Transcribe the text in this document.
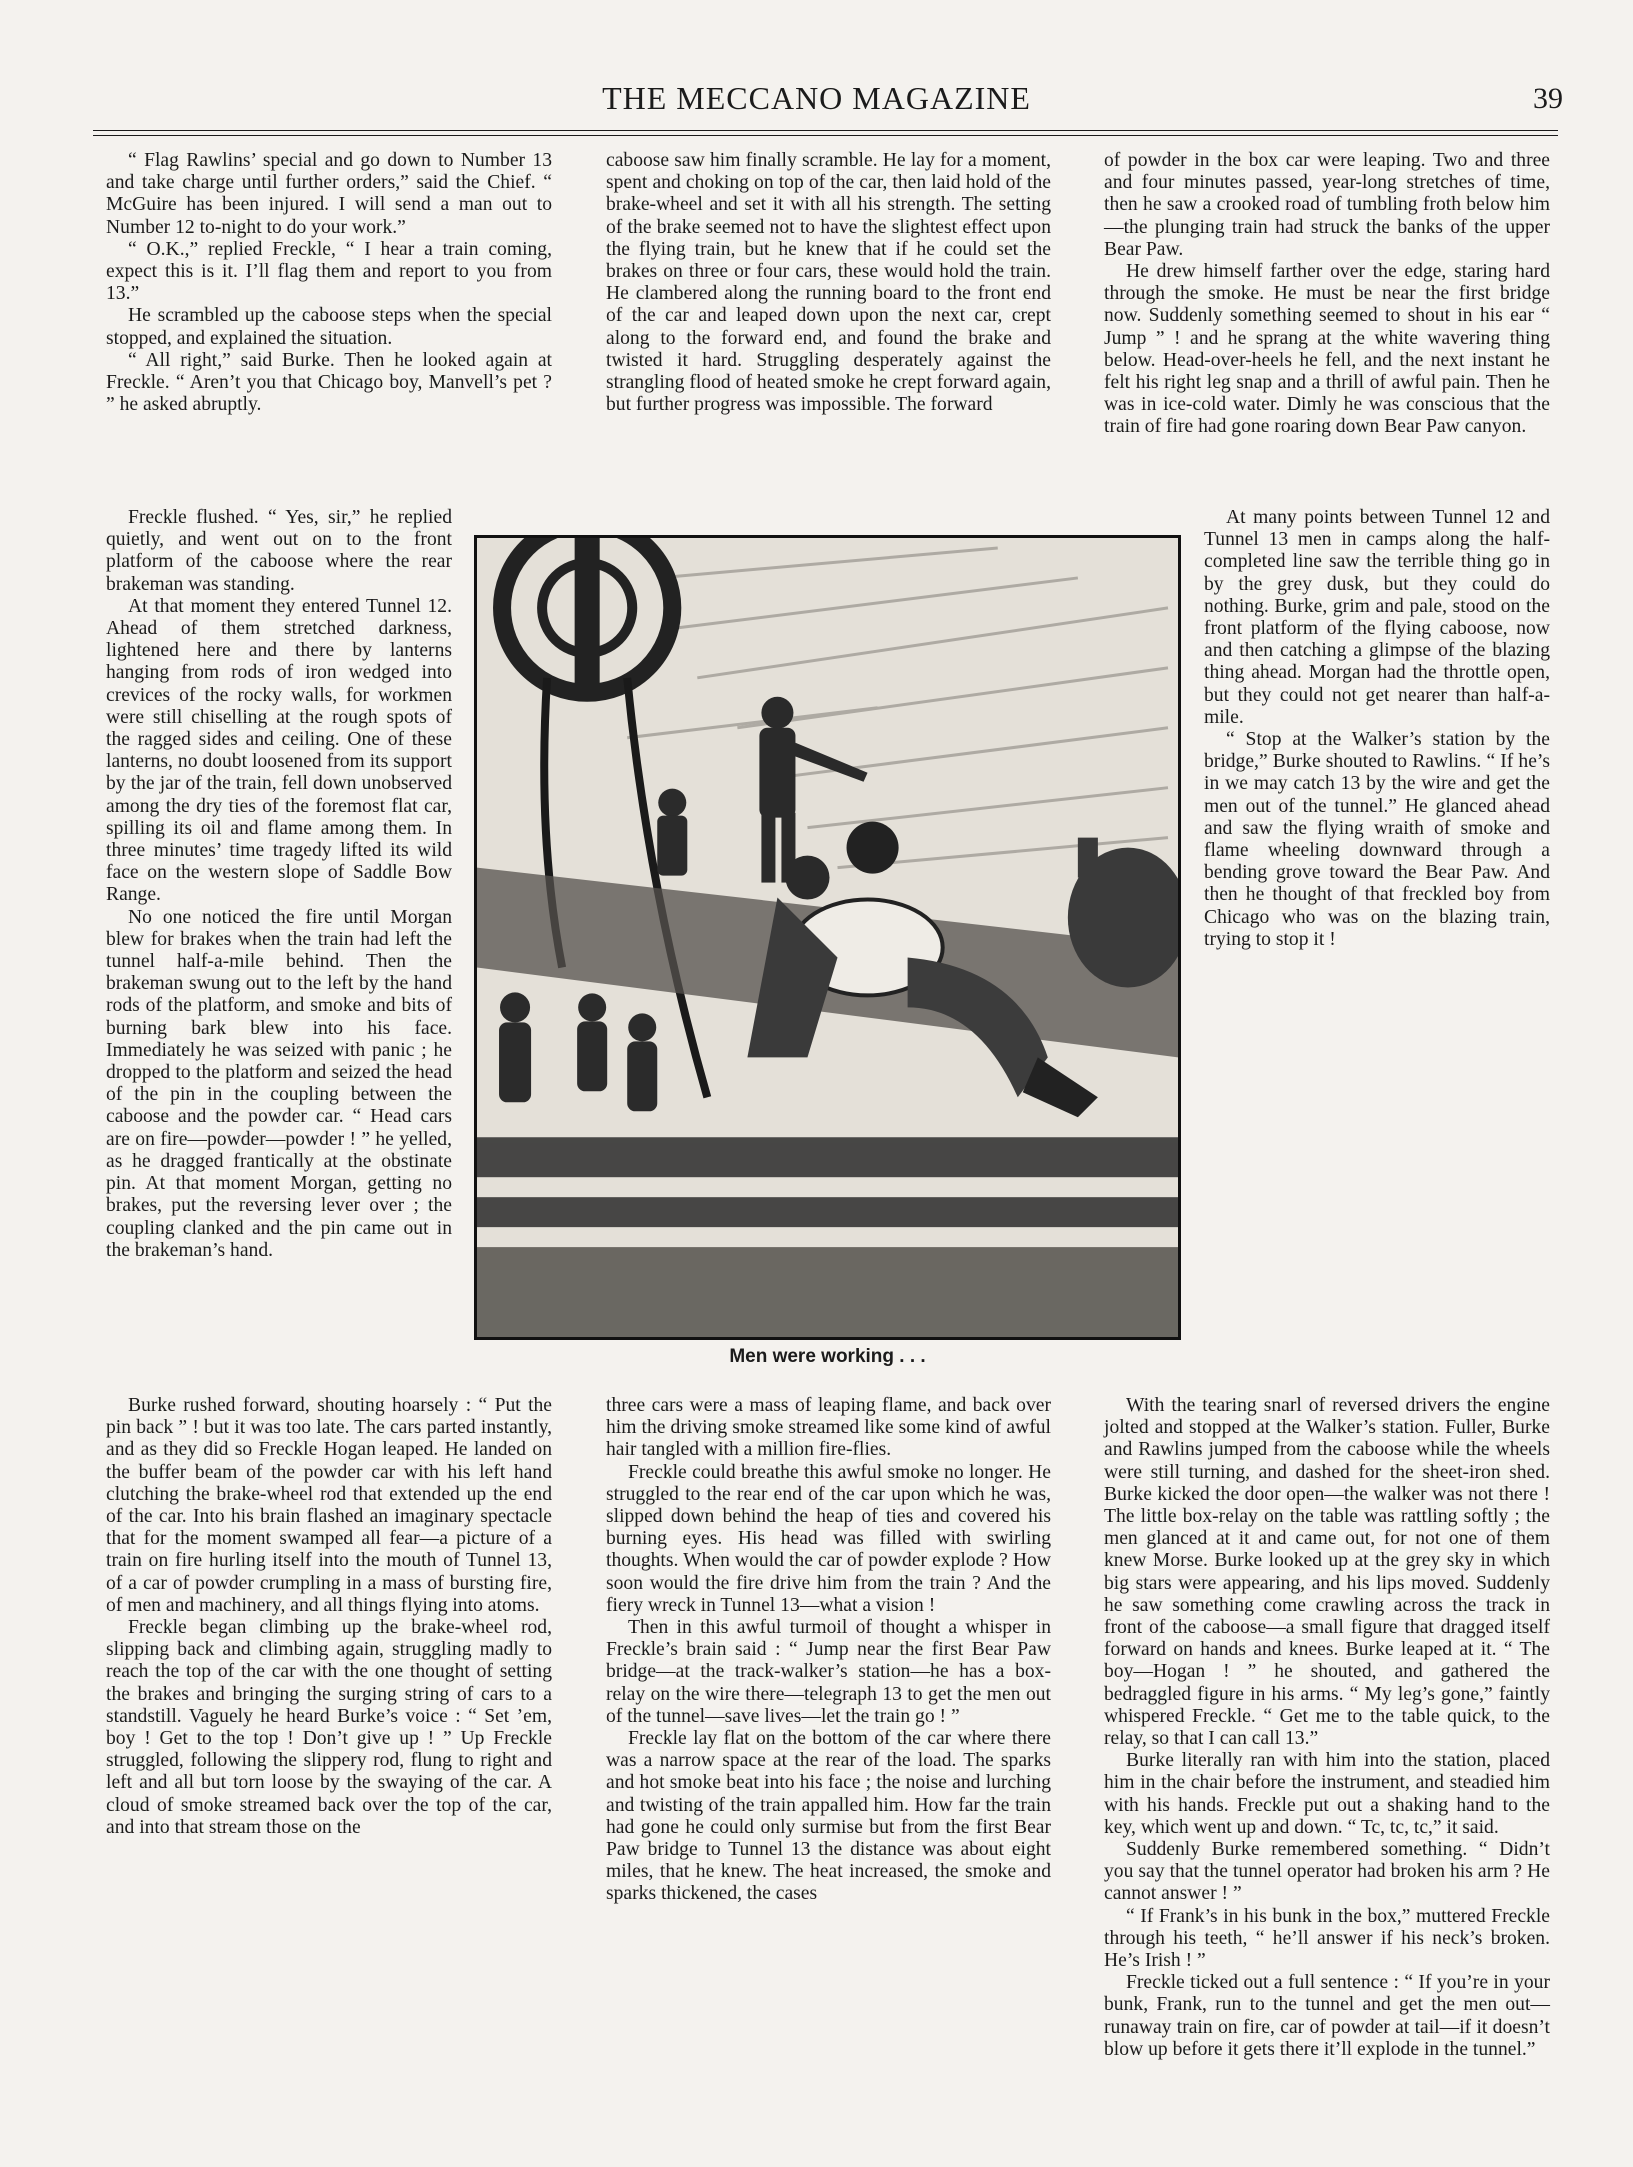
THE MECCANO MAGAZINE	39

“ Flag Rawlins’ special and go down to Number 13 and take charge until further orders,” said the Chief. “ McGuire has been injured. I will send a man out to Number 12 to-night to do your work.”

“ O.K.,” replied Freckle, “ I hear a train coming, expect this is it. I’ll flag them and report to you from 13.”

He scrambled up the caboose steps when the special stopped, and explained the situation.

“ All right,” said Burke. Then he looked again at Freckle. “ Aren’t you that Chicago boy, Manvell’s pet ? ” he asked abruptly.

Freckle flushed. “ Yes, sir,” he replied quietly, and went out on to the front platform of the caboose where the rear brakeman was standing.

At that moment they entered Tunnel 12. Ahead of them stretched darkness, lightened here and there by lanterns hanging from rods of iron wedged into crevices of the rocky walls, for workmen were still chiselling at the rough spots of the ragged sides and ceiling. One of these lanterns, no doubt loosened from its support by the jar of the train, fell down unobserved among the dry ties of the foremost flat car, spilling its oil and flame among them. In three minutes’ time tragedy lifted its wild face on the western slope of Saddle Bow Range.

No one noticed the fire until Morgan blew for brakes when the train had left the tunnel half-a-mile behind. Then the brakeman swung out to the left by the hand rods of the platform, and smoke and bits of burning bark blew into his face. Immediately he was seized with panic ; he dropped to the platform and seized the head of the pin in the coupling between the caboose and the powder car. “ Head cars are on fire—powder—powder ! ” he yelled, as he dragged frantically at the obstinate pin. At that moment Morgan, getting no brakes, put the reversing lever over ; the coupling clanked and the pin came out in the brakeman’s hand.

Burke rushed forward, shouting hoarsely : “ Put the pin back ” ! but it was too late. The cars parted instantly, and as they did so Freckle Hogan leaped. He landed on the buffer beam of the powder car with his left hand clutching the brake-wheel rod that extended up the end of the car. Into his brain flashed an imaginary spectacle that for the moment swamped all fear—a picture of a train on fire hurling itself into the mouth of Tunnel 13, of a car of powder crumpling in a mass of bursting fire, of men and machinery, and all things flying into atoms.

Freckle began climbing up the brake-wheel rod, slipping back and climbing again, struggling madly to reach the top of the car with the one thought of setting the brakes and bringing the surging string of cars to a standstill. Vaguely he heard Burke’s voice : “ Set ’em, boy ! Get to the top ! Don’t give up ! ” Up Freckle struggled, following the slippery rod, flung to right and left and all but torn loose by the swaying of the car. A cloud of smoke streamed back over the top of the car, and into that stream those on the

caboose saw him finally scramble. He lay for a moment, spent and choking on top of the car, then laid hold of the brake-wheel and set it with all his strength. The setting of the brake seemed not to have the slightest effect upon the flying train, but he knew that if he could set the brakes on three or four cars, these would hold the train. He clambered along the running board to the front end of the car and leaped down upon the next car, crept along to the forward end, and found the brake and twisted it hard. Struggling desperately against the strangling flood of heated smoke he crept forward again, but further progress was impossible. The forward

three cars were a mass of leaping flame, and back over him the driving smoke streamed like some kind of awful hair tangled with a million fire-flies.

Freckle could breathe this awful smoke no longer. He struggled to the rear end of the car upon which he was, slipped down behind the heap of ties and covered his burning eyes. His head was filled with swirling thoughts. When would the car of powder explode ? How soon would the fire drive him from the train ? And the fiery wreck in Tunnel 13—what a vision !

Then in this awful turmoil of thought a whisper in Freckle’s brain said : “ Jump near the first Bear Paw bridge—at the track-walker’s station—he has a box-relay on the wire there—telegraph 13 to get the men out of the tunnel—save lives—let the train go ! ”

Freckle lay flat on the bottom of the car where there was a narrow space at the rear of the load. The sparks and hot smoke beat into his face ; the noise and lurching and twisting of the train appalled him. How far the train had gone he could only surmise but from the first Bear Paw bridge to Tunnel 13 the distance was about eight miles, that he knew. The heat increased, the smoke and sparks thickened, the cases

of powder in the box car were leaping. Two and three and four minutes passed, year-long stretches of time, then he saw a crooked road of tumbling froth below him—the plunging train had struck the banks of the upper Bear Paw.

He drew himself farther over the edge, staring hard through the smoke. He must be near the first bridge now. Suddenly something seemed to shout in his ear “ Jump ” ! and he sprang at the white wavering thing below. Head-over-heels he fell, and the next instant he felt his right leg snap and a thrill of awful pain. Then he was in ice-cold water. Dimly he was conscious that the train of fire had gone roaring down Bear Paw canyon.

At many points between Tunnel 12 and Tunnel 13 men in camps along the half-completed line saw the terrible thing go in by the grey dusk, but they could do nothing. Burke, grim and pale, stood on the front platform of the flying caboose, now and then catching a glimpse of the blazing thing ahead. Morgan had the throttle open, but they could not get nearer than half-a-mile.

“ Stop at the Walker’s station by the bridge,” Burke shouted to Rawlins. “ If he’s in we may catch 13 by the wire and get the men out of the tunnel.” He glanced ahead and saw the flying wraith of smoke and flame wheeling downward through a bending grove toward the Bear Paw. And then he thought of that freckled boy from Chicago who was on the blazing train, trying to stop it !

With the tearing snarl of reversed drivers the engine jolted and stopped at the Walker’s station. Fuller, Burke and Rawlins jumped from the caboose while the wheels were still turning, and dashed for the sheet-iron shed. Burke kicked the door open—the walker was not there ! The little box-relay on the table was rattling softly ; the men glanced at it and came out, for not one of them knew Morse. Burke looked up at the grey sky in which big stars were appearing, and his lips moved. Suddenly he saw something come crawling across the track in front of the caboose—a small figure that dragged itself forward on hands and knees. Burke leaped at it. “ The boy—Hogan ! ” he shouted, and gathered the bedraggled figure in his arms. “ My leg’s gone,” faintly whispered Freckle. “ Get me to the table quick, to the relay, so that I can call 13.”

Burke literally ran with him into the station, placed him in the chair before the instrument, and steadied him with his hands. Freckle put out a shaking hand to the key, which went up and down. “ Tc, tc, tc,” it said.

Suddenly Burke remembered something. “ Didn’t you say that the tunnel operator had broken his arm ? He cannot answer ! ”

“ If Frank’s in his bunk in the box,” muttered Freckle through his teeth, “ he’ll answer if his neck’s broken. He’s Irish ! ”

Freckle ticked out a full sentence : “ If you’re in your bunk, Frank, run to the tunnel and get the men out—runaway train on fire, car of powder at tail—if it doesn’t blow up before it gets there it’ll explode in the tunnel.”

Men were working . . .
